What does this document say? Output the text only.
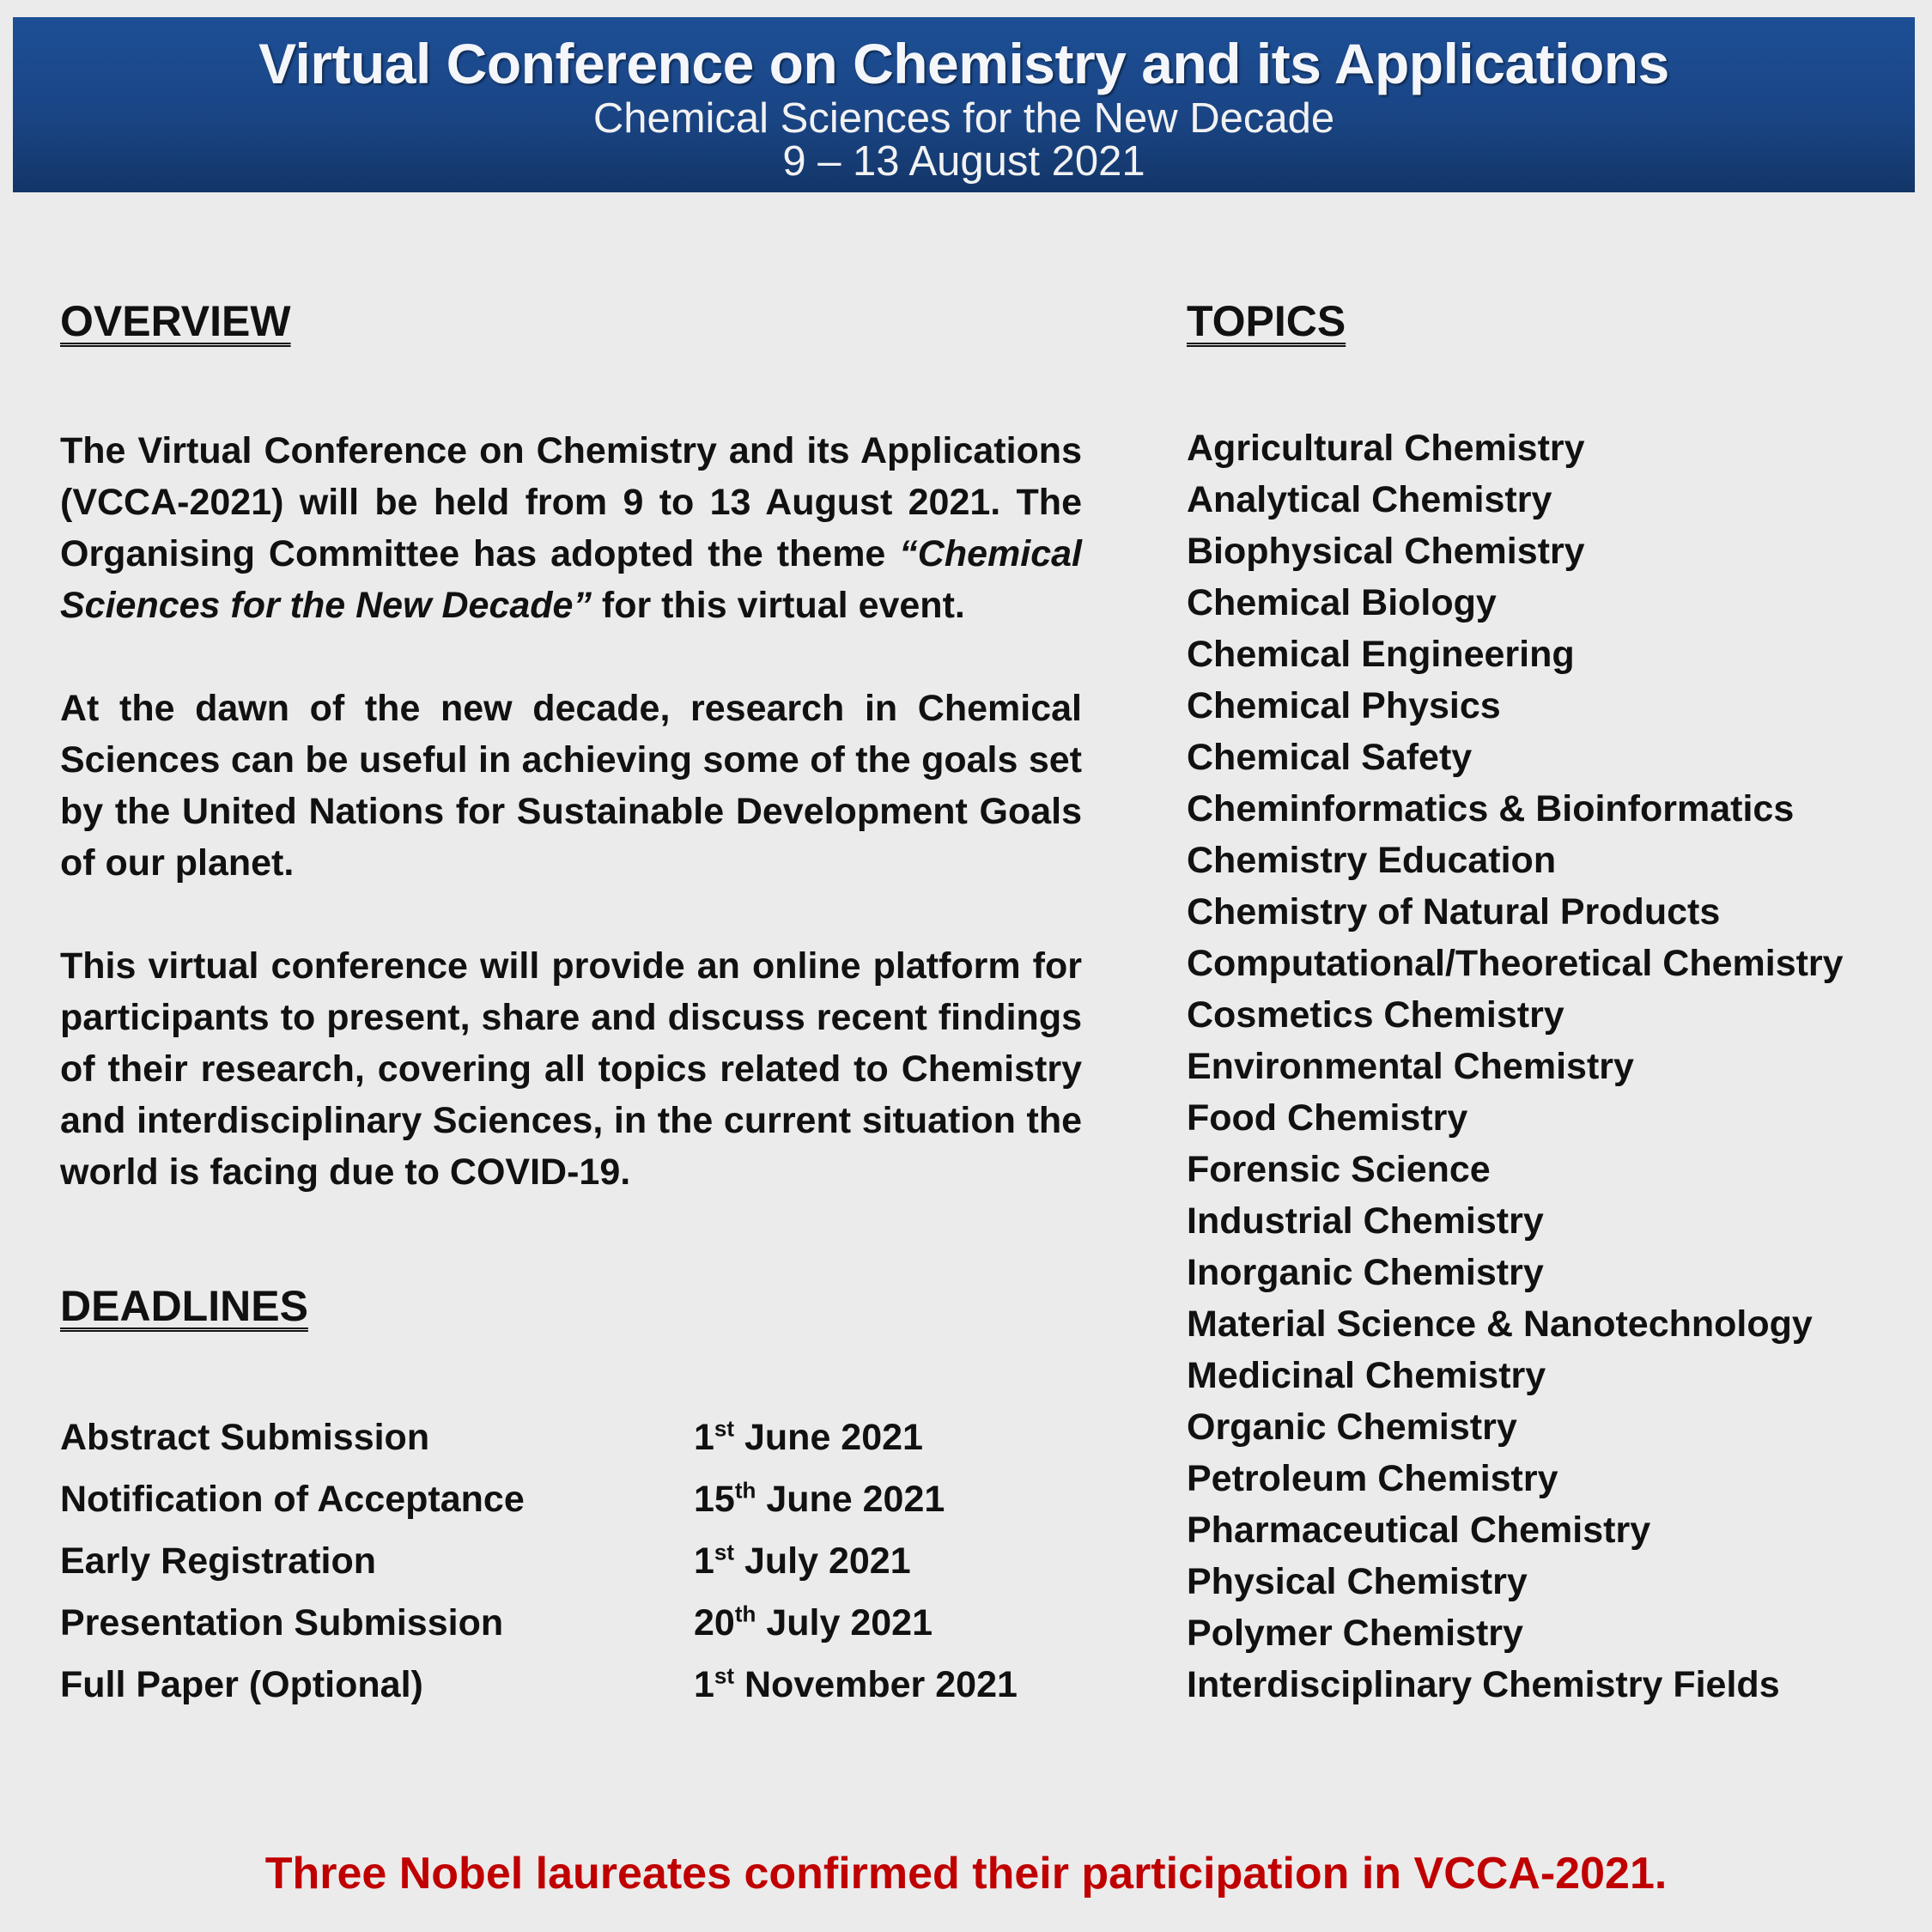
Virtual Conference on Chemistry and its Applications
Chemical Sciences for the New Decade
9 – 13 August 2021
OVERVIEW

The Virtual Conference on Chemistry and its Applications (VCCA-2021) will be held from 9 to 13 August 2021. The Organising Committee has adopted the theme “Chemical Sciences for the New Decade” for this virtual event.

At the dawn of the new decade, research in Chemical Sciences can be useful in achieving some of the goals set by the United Nations for Sustainable Development Goals of our planet.

This virtual conference will provide an online platform for participants to present, share and discuss recent findings of their research, covering all topics related to Chemistry and interdisciplinary Sciences, in the current situation the world is facing due to COVID-19.

DEADLINES
Abstract Submission	1st June 2021
Notification of Acceptance	15th June 2021
Early Registration	1st July 2021
Presentation Submission	20th July 2021
Full Paper (Optional)	1st November 2021
TOPICS
Agricultural Chemistry
Analytical Chemistry
Biophysical Chemistry
Chemical Biology
Chemical Engineering
Chemical Physics
Chemical Safety
Cheminformatics & Bioinformatics
Chemistry Education
Chemistry of Natural Products
Computational/Theoretical Chemistry
Cosmetics Chemistry
Environmental Chemistry
Food Chemistry
Forensic Science
Industrial Chemistry
Inorganic Chemistry
Material Science & Nanotechnology
Medicinal Chemistry
Organic Chemistry
Petroleum Chemistry
Pharmaceutical Chemistry
Physical Chemistry
Polymer Chemistry
Interdisciplinary Chemistry Fields
Three Nobel laureates confirmed their participation in VCCA-2021.
